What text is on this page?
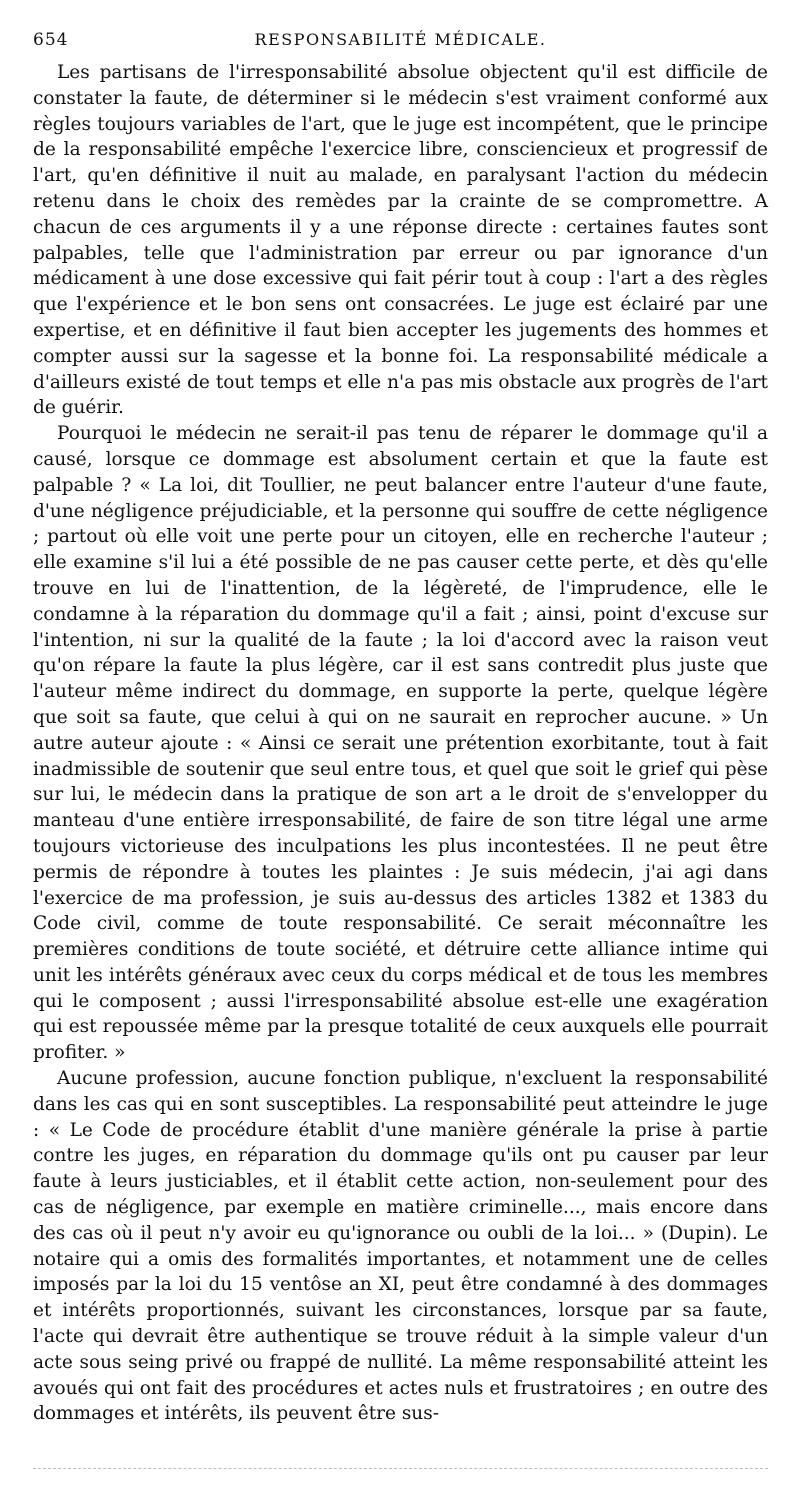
654	RESPONSABILITÉ MÉDICALE.

Les partisans de l'irresponsabilité absolue objectent qu'il est difficile de constater la faute, de déterminer si le médecin s'est vraiment conformé aux règles toujours variables de l'art, que le juge est incompétent, que le principe de la responsabilité empêche l'exercice libre, consciencieux et progressif de l'art, qu'en définitive il nuit au malade, en paralysant l'action du médecin retenu dans le choix des remèdes par la crainte de se compromettre. A chacun de ces arguments il y a une réponse directe : certaines fautes sont palpables, telle que l'administration par erreur ou par ignorance d'un médicament à une dose excessive qui fait périr tout à coup : l'art a des règles que l'expérience et le bon sens ont consacrées. Le juge est éclairé par une expertise, et en définitive il faut bien accepter les jugements des hommes et compter aussi sur la sagesse et la bonne foi. La responsabilité médicale a d'ailleurs existé de tout temps et elle n'a pas mis obstacle aux progrès de l'art de guérir.

Pourquoi le médecin ne serait-il pas tenu de réparer le dommage qu'il a causé, lorsque ce dommage est absolument certain et que la faute est palpable ? « La loi, dit Toullier, ne peut balancer entre l'auteur d'une faute, d'une négligence préjudiciable, et la personne qui souffre de cette négligence ; partout où elle voit une perte pour un citoyen, elle en recherche l'auteur ; elle examine s'il lui a été possible de ne pas causer cette perte, et dès qu'elle trouve en lui de l'inattention, de la légèreté, de l'imprudence, elle le condamne à la réparation du dommage qu'il a fait ; ainsi, point d'excuse sur l'intention, ni sur la qualité de la faute ; la loi d'accord avec la raison veut qu'on répare la faute la plus légère, car il est sans contredit plus juste que l'auteur même indirect du dommage, en supporte la perte, quelque légère que soit sa faute, que celui à qui on ne saurait en reprocher aucune. » Un autre auteur ajoute : « Ainsi ce serait une prétention exorbitante, tout à fait inadmissible de soutenir que seul entre tous, et quel que soit le grief qui pèse sur lui, le médecin dans la pratique de son art a le droit de s'envelopper du manteau d'une entière irresponsabilité, de faire de son titre légal une arme toujours victorieuse des inculpations les plus incontestées. Il ne peut être permis de répondre à toutes les plaintes : Je suis médecin, j'ai agi dans l'exercice de ma profession, je suis au-dessus des articles 1382 et 1383 du Code civil, comme de toute responsabilité. Ce serait méconnaître les premières conditions de toute société, et détruire cette alliance intime qui unit les intérêts généraux avec ceux du corps médical et de tous les membres qui le composent ; aussi l'irresponsabilité absolue est-elle une exagération qui est repoussée même par la presque totalité de ceux auxquels elle pourrait profiter. »

Aucune profession, aucune fonction publique, n'excluent la responsabilité dans les cas qui en sont susceptibles. La responsabilité peut atteindre le juge : « Le Code de procédure établit d'une manière générale la prise à partie contre les juges, en réparation du dommage qu'ils ont pu causer par leur faute à leurs justiciables, et il établit cette action, non-seulement pour des cas de négligence, par exemple en matière criminelle..., mais encore dans des cas où il peut n'y avoir eu qu'ignorance ou oubli de la loi... » (Dupin). Le notaire qui a omis des formalités importantes, et notamment une de celles imposés par la loi du 15 ventôse an XI, peut être condamné à des dommages et intérêts proportionnés, suivant les circonstances, lorsque par sa faute, l'acte qui devrait être authentique se trouve réduit à la simple valeur d'un acte sous seing privé ou frappé de nullité. La même responsabilité atteint les avoués qui ont fait des procédures et actes nuls et frustratoires ; en outre des dommages et intérêts, ils peuvent être sus-
